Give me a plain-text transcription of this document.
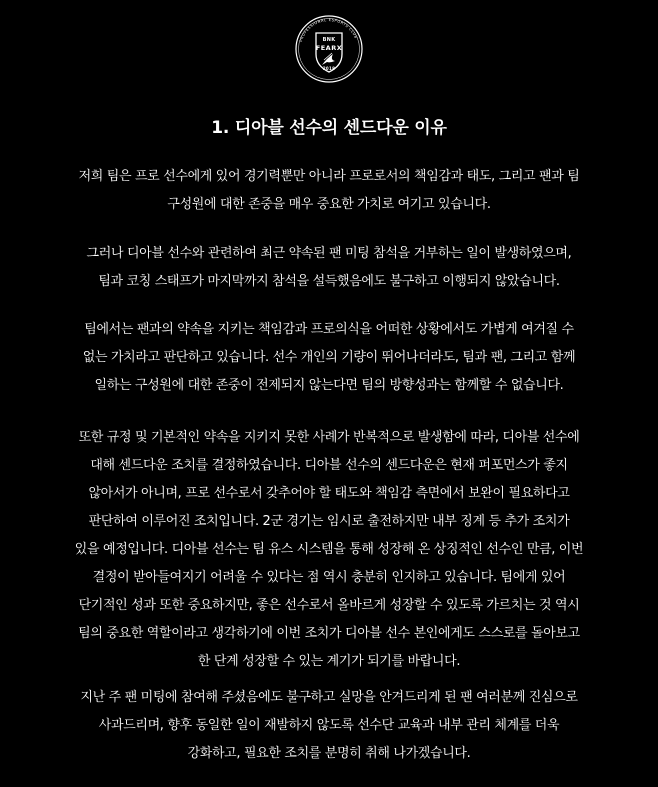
PROFESSIONAL ESPORTS CLUB
BNK
FEARX
2018
1. 디아블 선수의 센드다운 이유
저희 팀은 프로 선수에게 있어 경기력뿐만 아니라 프로로서의 책임감과 태도, 그리고 팬과 팀
구성원에 대한 존중을 매우 중요한 가치로 여기고 있습니다.
그러나 디아블 선수와 관련하여 최근 약속된 팬 미팅 참석을 거부하는 일이 발생하였으며,
팀과 코칭 스태프가 마지막까지 참석을 설득했음에도 불구하고 이행되지 않았습니다.
팀에서는 팬과의 약속을 지키는 책임감과 프로의식을 어떠한 상황에서도 가볍게 여겨질 수
없는 가치라고 판단하고 있습니다. 선수 개인의 기량이 뛰어나더라도, 팀과 팬, 그리고 함께
일하는 구성원에 대한 존중이 전제되지 않는다면 팀의 방향성과는 함께할 수 없습니다.
또한 규정 및 기본적인 약속을 지키지 못한 사례가 반복적으로 발생함에 따라, 디아블 선수에
대해 센드다운 조치를 결정하였습니다. 디아블 선수의 센드다운은 현재 퍼포먼스가 좋지
않아서가 아니며, 프로 선수로서 갖추어야 할 태도와 책임감 측면에서 보완이 필요하다고
판단하여 이루어진 조치입니다. 2군 경기는 임시로 출전하지만 내부 징계 등 추가 조치가
있을 예정입니다. 디아블 선수는 팀 유스 시스템을 통해 성장해 온 상징적인 선수인 만큼, 이번
결정이 받아들여지기 어려울 수 있다는 점 역시 충분히 인지하고 있습니다. 팀에게 있어
단기적인 성과 또한 중요하지만, 좋은 선수로서 올바르게 성장할 수 있도록 가르치는 것 역시
팀의 중요한 역할이라고 생각하기에 이번 조치가 디아블 선수 본인에게도 스스로를 돌아보고
한 단계 성장할 수 있는 계기가 되기를 바랍니다.
지난 주 팬 미팅에 참여해 주셨음에도 불구하고 실망을 안겨드리게 된 팬 여러분께 진심으로
사과드리며, 향후 동일한 일이 재발하지 않도록 선수단 교육과 내부 관리 체계를 더욱
강화하고, 필요한 조치를 분명히 취해 나가겠습니다.
